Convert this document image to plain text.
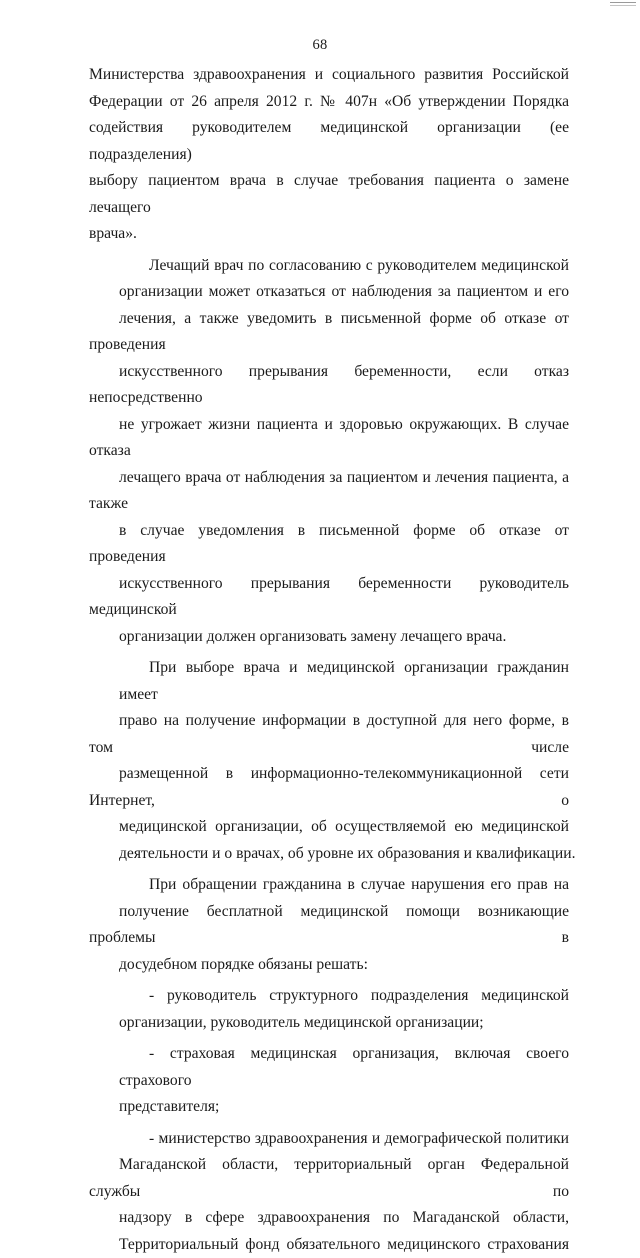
68

Министерства здравоохранения и социального развития Российской
Федерации от 26 апреля 2012 г. № 407н «Об утверждении Порядка
содействия руководителем медицинской организации (ее подразделения)
выбору пациентом врача в случае требования пациента о замене лечащего
врача».

Лечащий врач по согласованию с руководителем медицинской
организации может отказаться от наблюдения за пациентом и его
лечения, а также уведомить в письменной форме об отказе от проведения
искусственного прерывания беременности, если отказ непосредственно
не угрожает жизни пациента и здоровью окружающих. В случае отказа
лечащего врача от наблюдения за пациентом и лечения пациента, а также
в случае уведомления в письменной форме об отказе от проведения
искусственного прерывания беременности руководитель медицинской
организации должен организовать замену лечащего врача.

При выборе врача и медицинской организации гражданин имеет
право на получение информации в доступной для него форме, в том числе
размещенной в информационно-телекоммуникационной сети Интернет, о
медицинской организации, об осуществляемой ею медицинской
деятельности и о врачах, об уровне их образования и квалификации.

При обращении гражданина в случае нарушения его прав на
получение бесплатной медицинской помощи возникающие проблемы в
досудебном порядке обязаны решать:

- руководитель структурного подразделения медицинской
организации, руководитель медицинской организации;

- страховая медицинская организация, включая своего страхового
представителя;

- министерство здравоохранения и демографической политики
Магаданской области, территориальный орган Федеральной службы по
надзору в сфере здравоохранения по Магаданской области,
Территориальный фонд обязательного медицинского страхования
